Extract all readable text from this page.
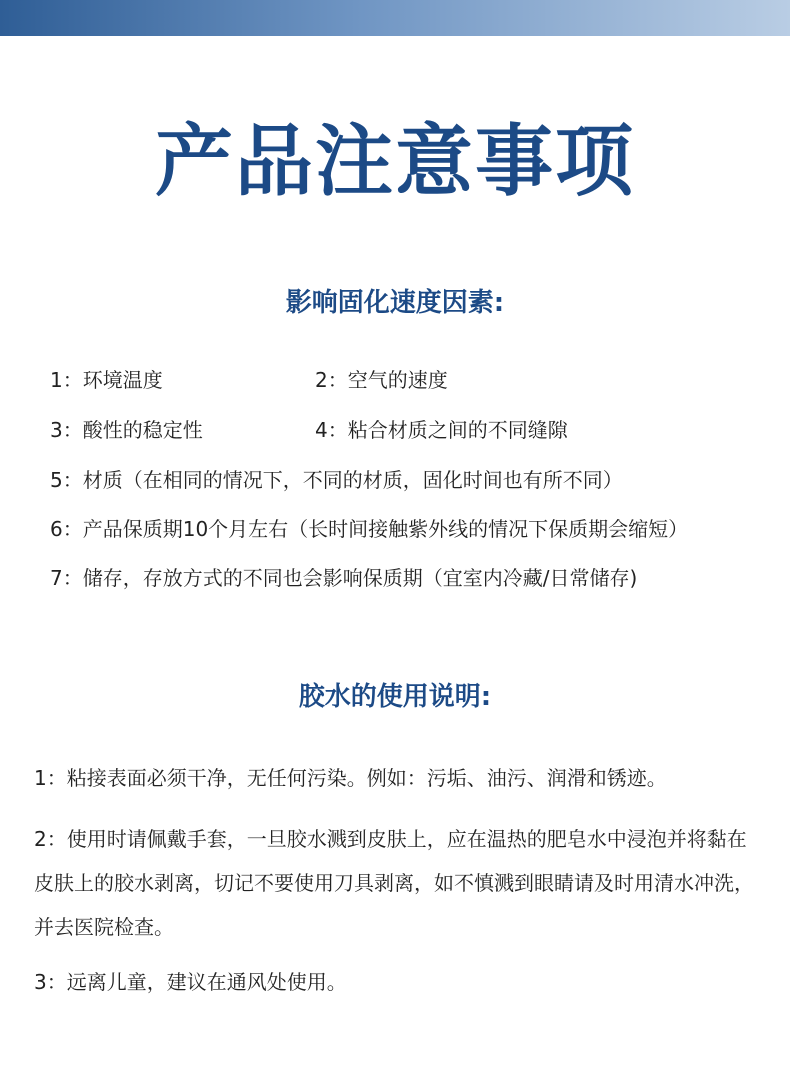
产品注意事项
影响固化速度因素:
1：环境温度	2：空气的速度
3：酸性的稳定性	4：粘合材质之间的不同缝隙
5：材质（在相同的情况下，不同的材质，固化时间也有所不同）
6：产品保质期10个月左右（长时间接触紫外线的情况下保质期会缩短）
7：储存，存放方式的不同也会影响保质期（宜室内冷藏/日常储存)
胶水的使用说明:
1：粘接表面必须干净，无任何污染。例如：污垢、油污、润滑和锈迹。
2：使用时请佩戴手套，一旦胶水溅到皮肤上，应在温热的肥皂水中浸泡并将黏在皮肤上的胶水剥离，切记不要使用刀具剥离，如不慎溅到眼睛请及时用清水冲洗，并去医院检查。
3：远离儿童，建议在通风处使用。
